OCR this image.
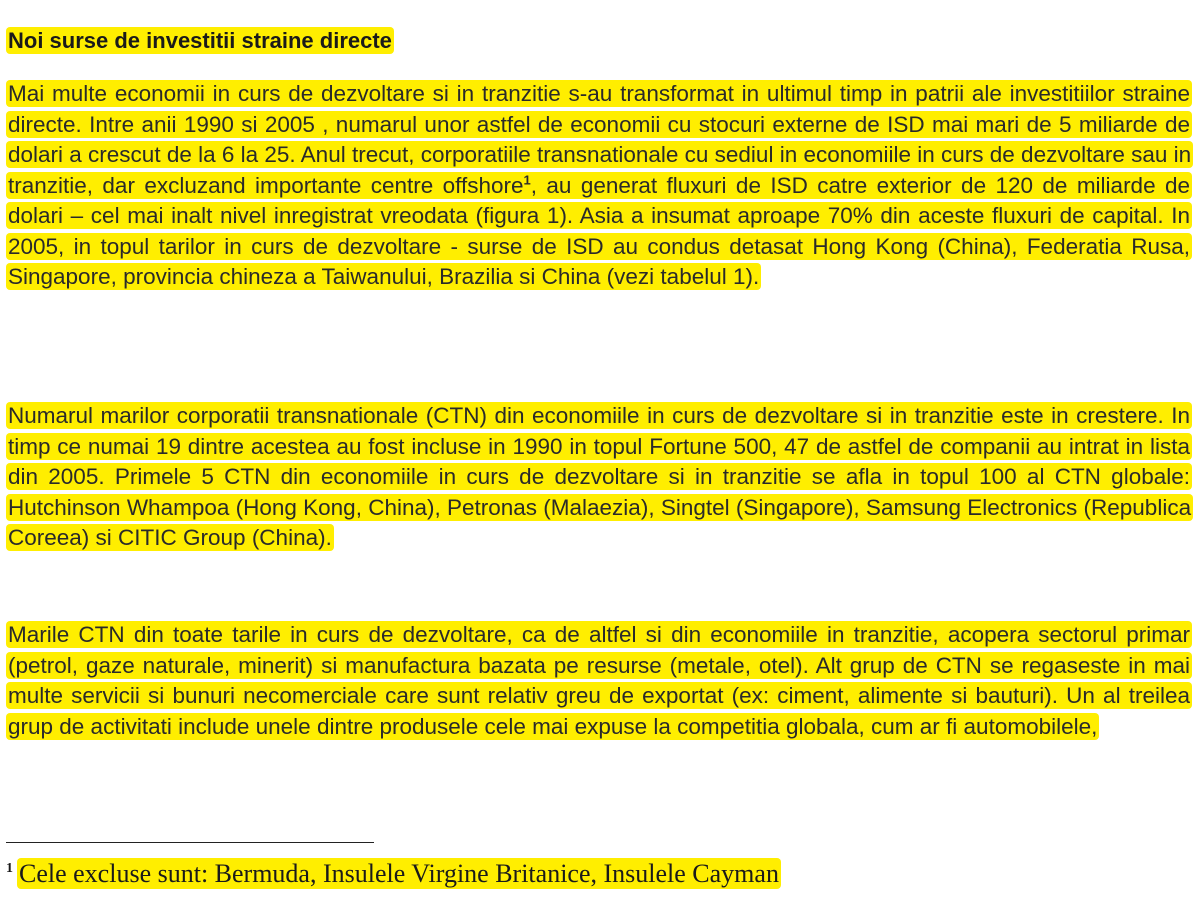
Noi surse de investitii straine directe

Mai multe economii in curs de dezvoltare si in tranzitie s-au transformat in ultimul timp in patrii ale investitiilor straine directe. Intre anii 1990 si 2005 , numarul unor astfel de economii cu stocuri externe de ISD mai mari de 5 miliarde de dolari a crescut de la 6 la 25. Anul trecut, corporatiile transnationale cu sediul in economiile in curs de dezvoltare sau in tranzitie, dar excluzand importante centre offshore$^1$, au generat fluxuri de ISD catre exterior de 120 de miliarde de dolari – cel mai inalt nivel inregistrat vreodata (figura 1). Asia a insumat aproape 70% din aceste fluxuri de capital. In 2005, in topul tarilor in curs de dezvoltare - surse de ISD au condus detasat Hong Kong (China), Federatia Rusa, Singapore, provincia chineza a Taiwanului, Brazilia si China (vezi tabelul 1).

Numarul marilor corporatii transnationale (CTN) din economiile in curs de dezvoltare si in tranzitie este in crestere. In timp ce numai 19 dintre acestea au fost incluse in 1990 in topul Fortune 500, 47 de astfel de companii au intrat in lista din 2005. Primele 5 CTN din economiile in curs de dezvoltare si in tranzitie se afla in topul 100 al CTN globale: Hutchinson Whampoa (Hong Kong, China), Petronas (Malaezia), Singtel (Singapore), Samsung Electronics (Republica Coreea) si CITIC Group (China).

Marile CTN din toate tarile in curs de dezvoltare, ca de altfel si din economiile in tranzitie, acopera sectorul primar (petrol, gaze naturale, minerit) si manufactura bazata pe resurse (metale, otel). Alt grup de CTN se regaseste in mai multe servicii si bunuri necomerciale care sunt relativ greu de exportat (ex: ciment, alimente si bauturi). Un al treilea grup de activitati include unele dintre produsele cele mai expuse la competitia globala, cum ar fi automobilele,

$^1$ Cele excluse sunt: Bermuda, Insulele Virgine Britanice, Insulele Cayman
